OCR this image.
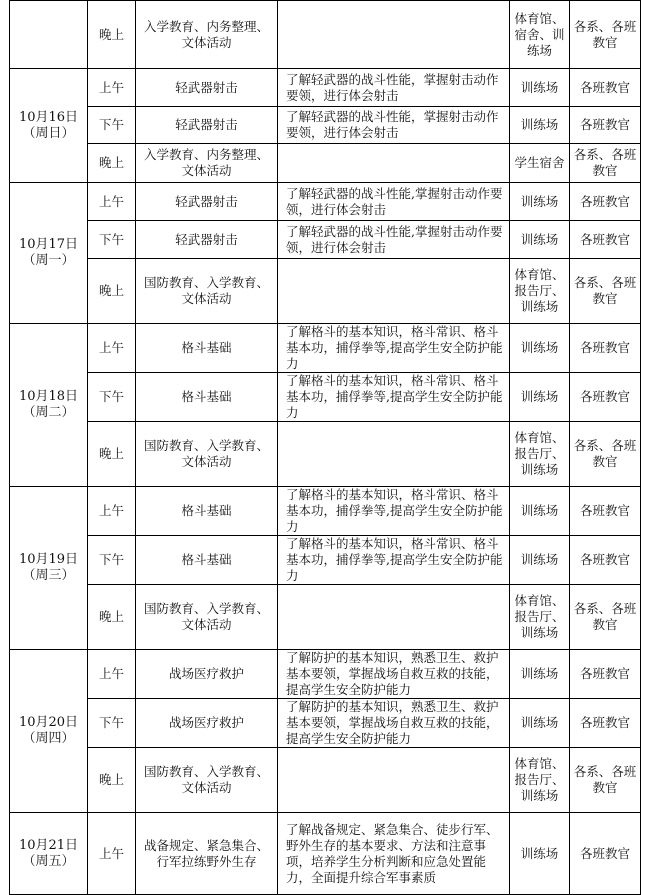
	晚上	入学教育、内务整理、文体活动		体育馆、宿舍、训练场	各系、各班教官
10月16日（周日）	上午	轻武器射击	了解轻武器的战斗性能，掌握射击动作要领，进行体会射击	训练场	各班教官
	下午	轻武器射击	了解轻武器的战斗性能，掌握射击动作要领，进行体会射击	训练场	各班教官
	晚上	入学教育、内务整理、文体活动		学生宿舍	各系、各班教官
10月17日（周一）	上午	轻武器射击	了解轻武器的战斗性能,掌握射击动作要领，进行体会射击	训练场	各班教官
	下午	轻武器射击	了解轻武器的战斗性能,掌握射击动作要领，进行体会射击	训练场	各班教官
	晚上	国防教育、入学教育、文体活动		体育馆、报告厅、训练场	各系、各班教官
10月18日（周二）	上午	格斗基础	了解格斗的基本知识，格斗常识、格斗基本功，捕俘拳等,提高学生安全防护能力	训练场	各班教官
	下午	格斗基础	了解格斗的基本知识，格斗常识、格斗基本功，捕俘拳等,提高学生安全防护能力	训练场	各班教官
	晚上	国防教育、入学教育、文体活动		体育馆、报告厅、训练场	各系、各班教官
10月19日（周三）	上午	格斗基础	了解格斗的基本知识，格斗常识、格斗基本功，捕俘拳等,提高学生安全防护能力	训练场	各班教官
	下午	格斗基础	了解格斗的基本知识，格斗常识、格斗基本功，捕俘拳等,提高学生安全防护能力	训练场	各班教官
	晚上	国防教育、入学教育、文体活动		体育馆、报告厅、训练场	各系、各班教官
10月20日（周四）	上午	战场医疗救护	了解防护的基本知识，熟悉卫生、救护基本要领，掌握战场自救互救的技能，提高学生安全防护能力	训练场	各班教官
	下午	战场医疗救护	了解防护的基本知识，熟悉卫生、救护基本要领，掌握战场自救互救的技能，提高学生安全防护能力	训练场	各班教官
	晚上	国防教育、入学教育、文体活动		体育馆、报告厅、训练场	各系、各班教官
10月21日（周五）	上午	战备规定、紧急集合、行军拉练野外生存	了解战备规定、紧急集合、徒步行军、野外生存的基本要求、方法和注意事项，培养学生分析判断和应急处置能力，全面提升综合军事素质	训练场	各班教官
